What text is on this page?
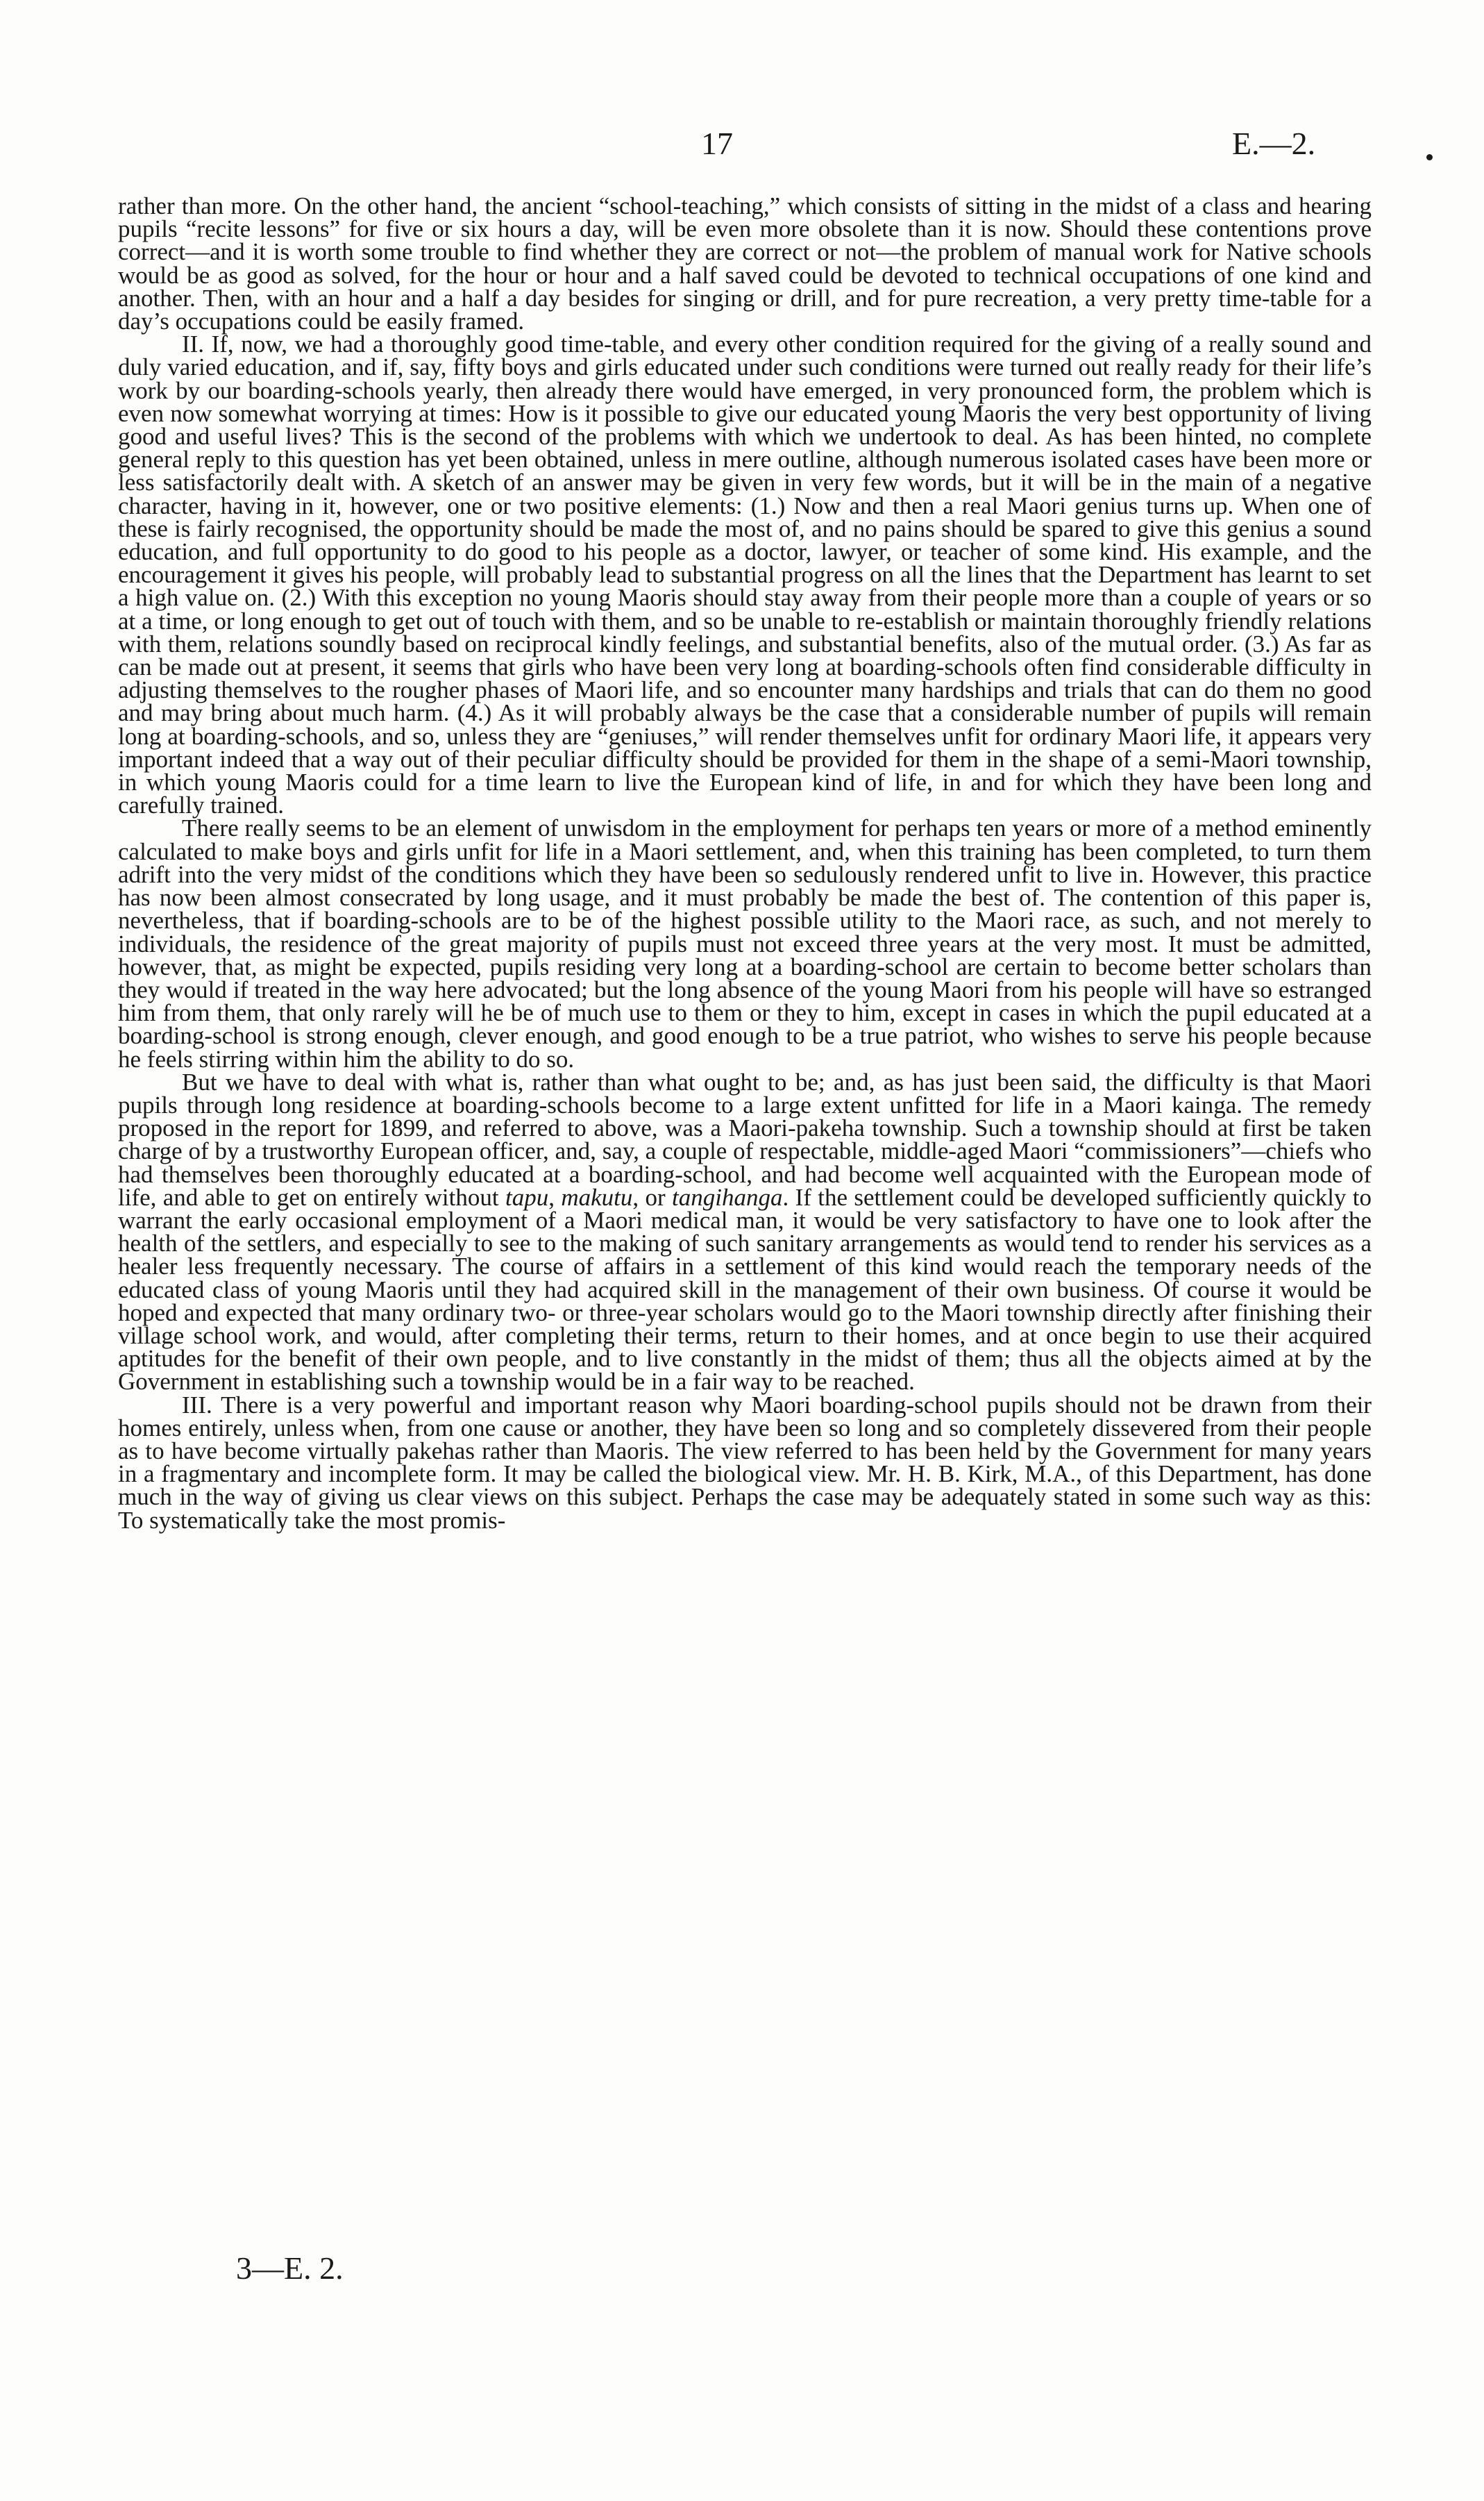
17	E.—2.

rather than more. On the other hand, the ancient “school-teaching,” which consists of sitting in the midst of a class and hearing pupils “recite lessons” for five or six hours a day, will be even more obsolete than it is now. Should these contentions prove correct—and it is worth some trouble to find whether they are correct or not—the problem of manual work for Native schools would be as good as solved, for the hour or hour and a half saved could be devoted to technical occupations of one kind and another. Then, with an hour and a half a day besides for singing or drill, and for pure recreation, a very pretty time-table for a day’s occupations could be easily framed.

II. If, now, we had a thoroughly good time-table, and every other condition required for the giving of a really sound and duly varied education, and if, say, fifty boys and girls educated under such conditions were turned out really ready for their life’s work by our boarding-schools yearly, then already there would have emerged, in very pronounced form, the problem which is even now somewhat worrying at times: How is it possible to give our educated young Maoris the very best opportunity of living good and useful lives? This is the second of the problems with which we undertook to deal. As has been hinted, no complete general reply to this question has yet been obtained, unless in mere outline, although numerous isolated cases have been more or less satisfactorily dealt with. A sketch of an answer may be given in very few words, but it will be in the main of a negative character, having in it, however, one or two positive elements: (1.) Now and then a real Maori genius turns up. When one of these is fairly recognised, the opportunity should be made the most of, and no pains should be spared to give this genius a sound education, and full opportunity to do good to his people as a doctor, lawyer, or teacher of some kind. His example, and the encouragement it gives his people, will probably lead to substantial progress on all the lines that the Department has learnt to set a high value on. (2.) With this exception no young Maoris should stay away from their people more than a couple of years or so at a time, or long enough to get out of touch with them, and so be unable to re-establish or maintain thoroughly friendly relations with them, relations soundly based on reciprocal kindly feelings, and substantial benefits, also of the mutual order. (3.) As far as can be made out at present, it seems that girls who have been very long at boarding-schools often find considerable difficulty in adjusting themselves to the rougher phases of Maori life, and so encounter many hardships and trials that can do them no good and may bring about much harm. (4.) As it will probably always be the case that a considerable number of pupils will remain long at boarding-schools, and so, unless they are “geniuses,” will render themselves unfit for ordinary Maori life, it appears very important indeed that a way out of their peculiar difficulty should be provided for them in the shape of a semi-Maori township, in which young Maoris could for a time learn to live the European kind of life, in and for which they have been long and carefully trained.

There really seems to be an element of unwisdom in the employment for perhaps ten years or more of a method eminently calculated to make boys and girls unfit for life in a Maori settlement, and, when this training has been completed, to turn them adrift into the very midst of the conditions which they have been so sedulously rendered unfit to live in. However, this practice has now been almost consecrated by long usage, and it must probably be made the best of. The contention of this paper is, nevertheless, that if boarding-schools are to be of the highest possible utility to the Maori race, as such, and not merely to individuals, the residence of the great majority of pupils must not exceed three years at the very most. It must be admitted, however, that, as might be expected, pupils residing very long at a boarding-school are certain to become better scholars than they would if treated in the way here advocated; but the long absence of the young Maori from his people will have so estranged him from them, that only rarely will he be of much use to them or they to him, except in cases in which the pupil educated at a boarding-school is strong enough, clever enough, and good enough to be a true patriot, who wishes to serve his people because he feels stirring within him the ability to do so.

But we have to deal with what is, rather than what ought to be; and, as has just been said, the difficulty is that Maori pupils through long residence at boarding-schools become to a large extent unfitted for life in a Maori kainga. The remedy proposed in the report for 1899, and referred to above, was a Maori-pakeha township. Such a township should at first be taken charge of by a trustworthy European officer, and, say, a couple of respectable, middle-aged Maori “commissioners”—chiefs who had themselves been thoroughly educated at a boarding-school, and had become well acquainted with the European mode of life, and able to get on entirely without tapu, makutu, or tangihanga. If the settlement could be developed sufficiently quickly to warrant the early occasional employment of a Maori medical man, it would be very satisfactory to have one to look after the health of the settlers, and especially to see to the making of such sanitary arrangements as would tend to render his services as a healer less frequently necessary. The course of affairs in a settlement of this kind would reach the temporary needs of the educated class of young Maoris until they had acquired skill in the management of their own business. Of course it would be hoped and expected that many ordinary two- or three-year scholars would go to the Maori township directly after finishing their village school work, and would, after completing their terms, return to their homes, and at once begin to use their acquired aptitudes for the benefit of their own people, and to live constantly in the midst of them; thus all the objects aimed at by the Government in establishing such a township would be in a fair way to be reached.

III. There is a very powerful and important reason why Maori boarding-school pupils should not be drawn from their homes entirely, unless when, from one cause or another, they have been so long and so completely dissevered from their people as to have become virtually pakehas rather than Maoris. The view referred to has been held by the Government for many years in a fragmentary and incomplete form. It may be called the biological view. Mr. H. B. Kirk, M.A., of this Department, has done much in the way of giving us clear views on this subject. Perhaps the case may be adequately stated in some such way as this: To systematically take the most promis-

3—E. 2.
